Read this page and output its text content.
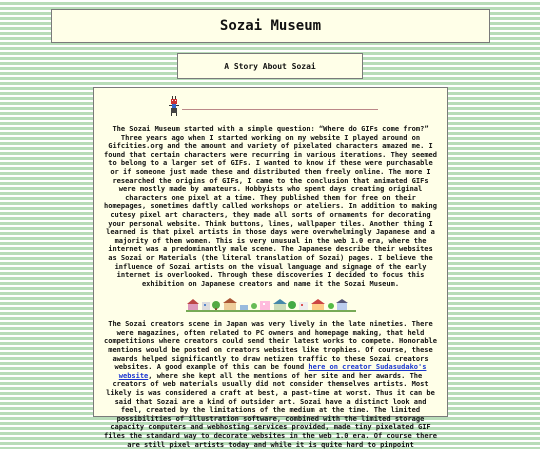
Sozai Museum
A Story About Sozai

The Sozai Museum started with a simple question: “Where do GIFs come from?” Three years ago when I started working on my website I played around on Gifcities.org and the amount and variety of pixelated characters amazed me. I found that certain characters were recurring in various iterations. They seemed to belong to a larger set of GIFs. I wanted to know if these were purchasable or if someone just made these and distributed them freely online. The more I researched the origins of GIFs, I came to the conclusion that animated GIFs were mostly made by amateurs. Hobbyists who spent days creating original characters one pixel at a time. They published them for free on their homepages, sometimes daftly called workshops or ateliers. In addition to making cutesy pixel art characters, they made all sorts of ornaments for decorating your personal website. Think buttons, lines, wallpaper tiles. Another thing I learned is that pixel artists in those days were overwhelmingly Japanese and a majority of them women. This is very unusual in the web 1.0 era, where the internet was a predominantly male scene. The Japanese describe their websites as Sozai or Materials (the literal translation of Sozai) pages. I believe the influence of Sozai artists on the visual language and signage of the early internet is overlooked. Through these discoveries I decided to focus this exhibition on Japanese creators and name it the Sozai Museum.

The Sozai creators scene in Japan was very lively in the late nineties. There were magazines, often related to PC owners and homepage making, that held competitions where creators could send their latest works to compete. Honorable mentions would be posted on creators websites like trophies. Of course, these awards helped significantly to draw netizen traffic to these Sozai creators websites. A good example of this can be found here on creator Sudasudako's website, where she kept all the mentions of her site and her awards. The creators of web materials usually did not consider themselves artists. Most likely is was considered a craft at best, a past-time at worst. Thus it can be said that Sozai are a kind of outsider art. Sozai have a distinct look and feel, created by the limitations of the medium at the time. The limited possibilities of illustration software, combined with the limited storage capacity computers and webhosting services provided, made tiny pixelated GIF files the standard way to decorate websites in the web 1.0 era. Of course there are still pixel artists today and while it is quite hard to pinpoint
